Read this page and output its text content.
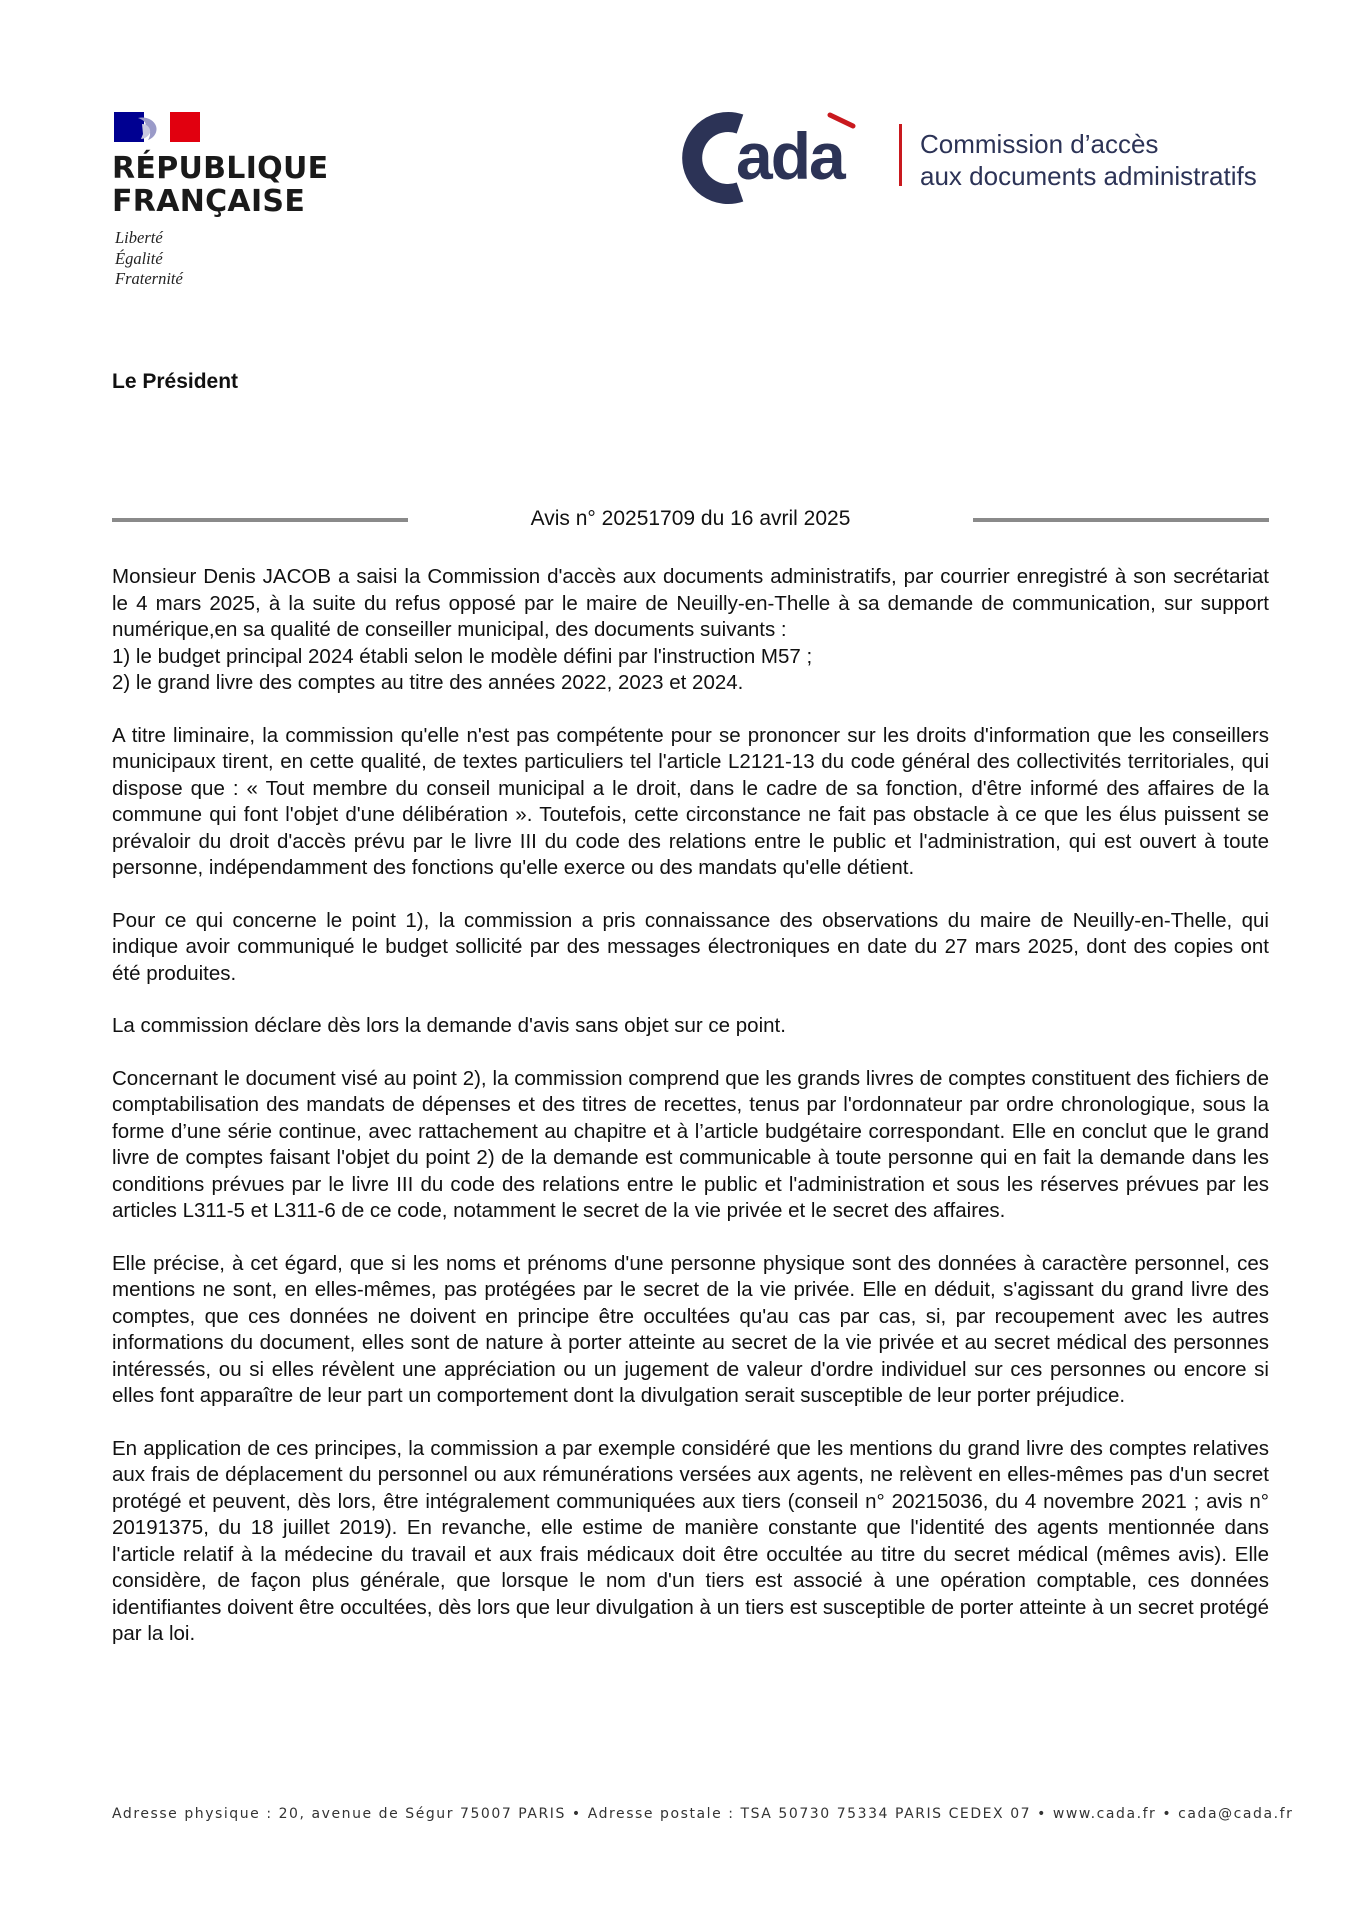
RÉPUBLIQUE
FRANÇAISE
Liberté
Égalité
Fraternité
ada	Commission d’accès
aux documents administratifs
Le Président
Avis n° 20251709 du 16 avril 2025

Monsieur Denis JACOB a saisi la Commission d'accès aux documents administratifs, par courrier enregistré à son secrétariat le 4 mars 2025, à la suite du refus opposé par le maire de Neuilly-en-Thelle à sa demande de communication, sur support numérique,en sa qualité de conseiller municipal, des documents suivants :
1) le budget principal 2024 établi selon le modèle défini par l'instruction M57 ;
2) le grand livre des comptes au titre des années 2022, 2023 et 2024.

A titre liminaire, la commission qu'elle n'est pas compétente pour se prononcer sur les droits d'information que les conseillers municipaux tirent, en cette qualité, de textes particuliers tel l'article L2121-13 du code général des collectivités territoriales, qui dispose que : « Tout membre du conseil municipal a le droit, dans le cadre de sa fonction, d'être informé des affaires de la commune qui font l'objet d'une délibération ». Toutefois, cette circonstance ne fait pas obstacle à ce que les élus puissent se prévaloir du droit d'accès prévu par le livre III du code des relations entre le public et l'administration, qui est ouvert à toute personne, indépendamment des fonctions qu'elle exerce ou des mandats qu'elle détient.

Pour ce qui concerne le point 1), la commission a pris connaissance des observations du maire de Neuilly-en-Thelle, qui indique avoir communiqué le budget sollicité par des messages électroniques en date du 27 mars 2025, dont des copies ont été produites.

La commission déclare dès lors la demande d'avis sans objet sur ce point.

Concernant le document visé au point 2), la commission comprend que les grands livres de comptes constituent des fichiers de comptabilisation des mandats de dépenses et des titres de recettes, tenus par l'ordonnateur par ordre chronologique, sous la forme d’une série continue, avec rattachement au chapitre et à l’article budgétaire correspondant. Elle en conclut que le grand livre de comptes faisant l'objet du point 2) de la demande est communicable à toute personne qui en fait la demande dans les conditions prévues par le livre III du code des relations entre le public et l'administration et sous les réserves prévues par les articles L311-5 et L311-6 de ce code, notamment le secret de la vie privée et le secret des affaires.

Elle précise, à cet égard, que si les noms et prénoms d'une personne physique sont des données à caractère personnel, ces mentions ne sont, en elles-mêmes, pas protégées par le secret de la vie privée. Elle en déduit, s'agissant du grand livre des comptes, que ces données ne doivent en principe être occultées qu'au cas par cas, si, par recoupement avec les autres informations du document, elles sont de nature à porter atteinte au secret de la vie privée et au secret médical des personnes intéressés, ou si elles révèlent une appréciation ou un jugement de valeur d'ordre individuel sur ces personnes ou encore si elles font apparaître de leur part un comportement dont la divulgation serait susceptible de leur porter préjudice.

En application de ces principes, la commission a par exemple considéré que les mentions du grand livre des comptes relatives aux frais de déplacement du personnel ou aux rémunérations versées aux agents, ne relèvent en elles-mêmes pas d'un secret protégé et peuvent, dès lors, être intégralement communiquées aux tiers (conseil n° 20215036, du 4 novembre 2021 ; avis n° 20191375, du 18 juillet 2019). En revanche, elle estime de manière constante que l'identité des agents mentionnée dans l'article relatif à la médecine du travail et aux frais médicaux doit être occultée au titre du secret médical (mêmes avis). Elle considère, de façon plus générale, que lorsque le nom d'un tiers est associé à une opération comptable, ces données identifiantes doivent être occultées, dès lors que leur divulgation à un tiers est susceptible de porter atteinte à un secret protégé par la loi.

Adresse physique : 20, avenue de Ségur 75007 PARIS • Adresse postale : TSA 50730 75334 PARIS CEDEX 07 • www.cada.fr • cada@cada.fr
